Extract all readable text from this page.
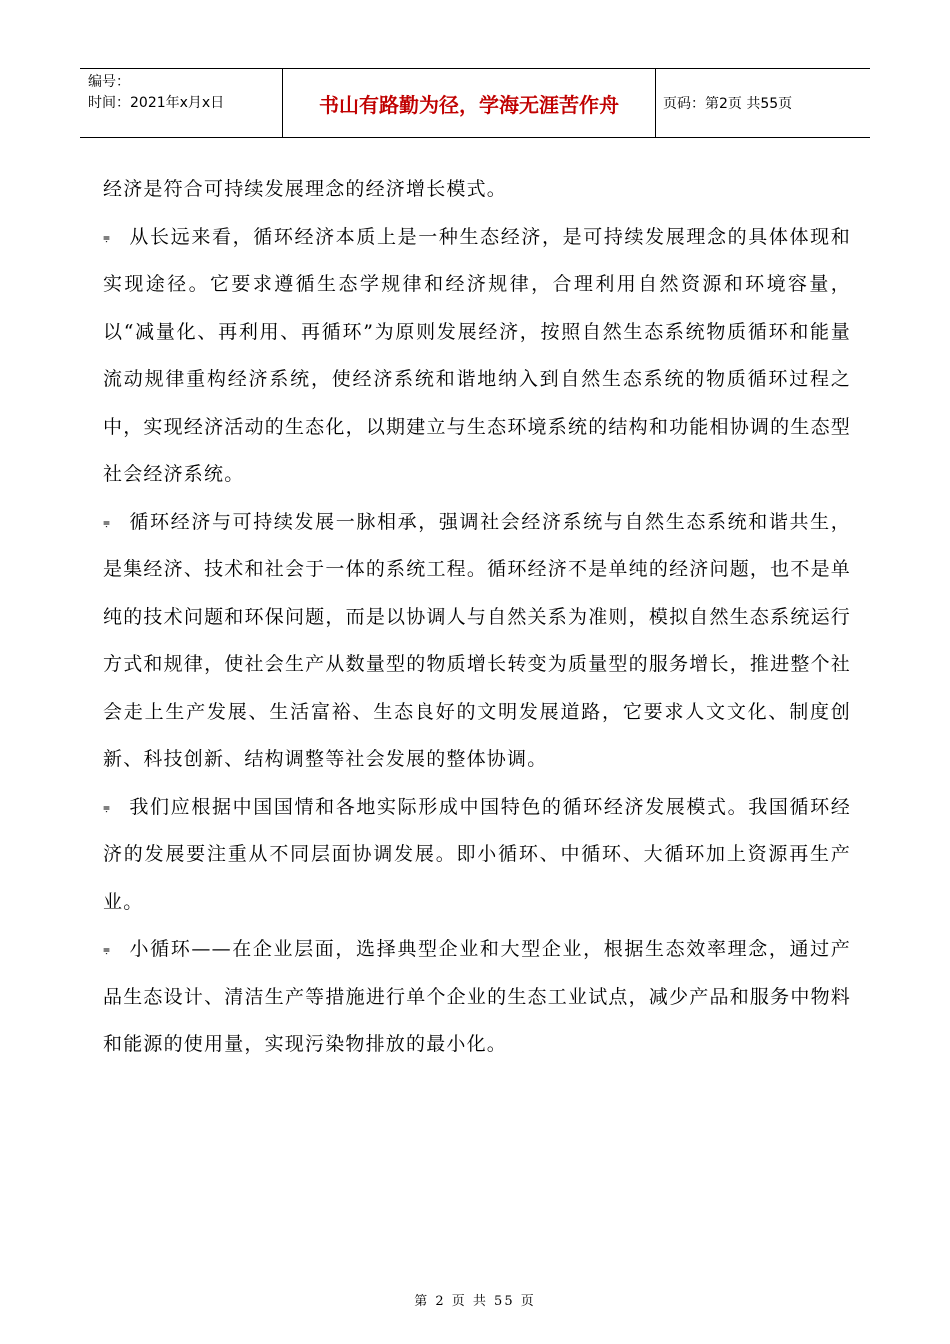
编号：
时间：2021年x月x日	书山有路勤为径，学海无涯苦作舟	页码：第2页 共55页

经济是符合可持续发展理念的经济增长模式。

⩦ 从长远来看，循环经济本质上是一种生态经济，是可持续发展理念的具体体现和实现途径。它要求遵循生态学规律和经济规律，合理利用自然资源和环境容量，以“减量化、再利用、再循环”为原则发展经济，按照自然生态系统物质循环和能量流动规律重构经济系统，使经济系统和谐地纳入到自然生态系统的物质循环过程之中，实现经济活动的生态化，以期建立与生态环境系统的结构和功能相协调的生态型社会经济系统。

⩦ 循环经济与可持续发展一脉相承，强调社会经济系统与自然生态系统和谐共生，是集经济、技术和社会于一体的系统工程。循环经济不是单纯的经济问题，也不是单纯的技术问题和环保问题，而是以协调人与自然关系为准则，模拟自然生态系统运行方式和规律，使社会生产从数量型的物质增长转变为质量型的服务增长，推进整个社会走上生产发展、生活富裕、生态良好的文明发展道路，它要求人文文化、制度创新、科技创新、结构调整等社会发展的整体协调。

⩦ 我们应根据中国国情和各地实际形成中国特色的循环经济发展模式。我国循环经济的发展要注重从不同层面协调发展。即小循环、中循环、大循环加上资源再生产业。

⩦ 小循环——在企业层面，选择典型企业和大型企业，根据生态效率理念，通过产品生态设计、清洁生产等措施进行单个企业的生态工业试点，减少产品和服务中物料和能源的使用量，实现污染物排放的最小化。

第 2 页 共 55 页
